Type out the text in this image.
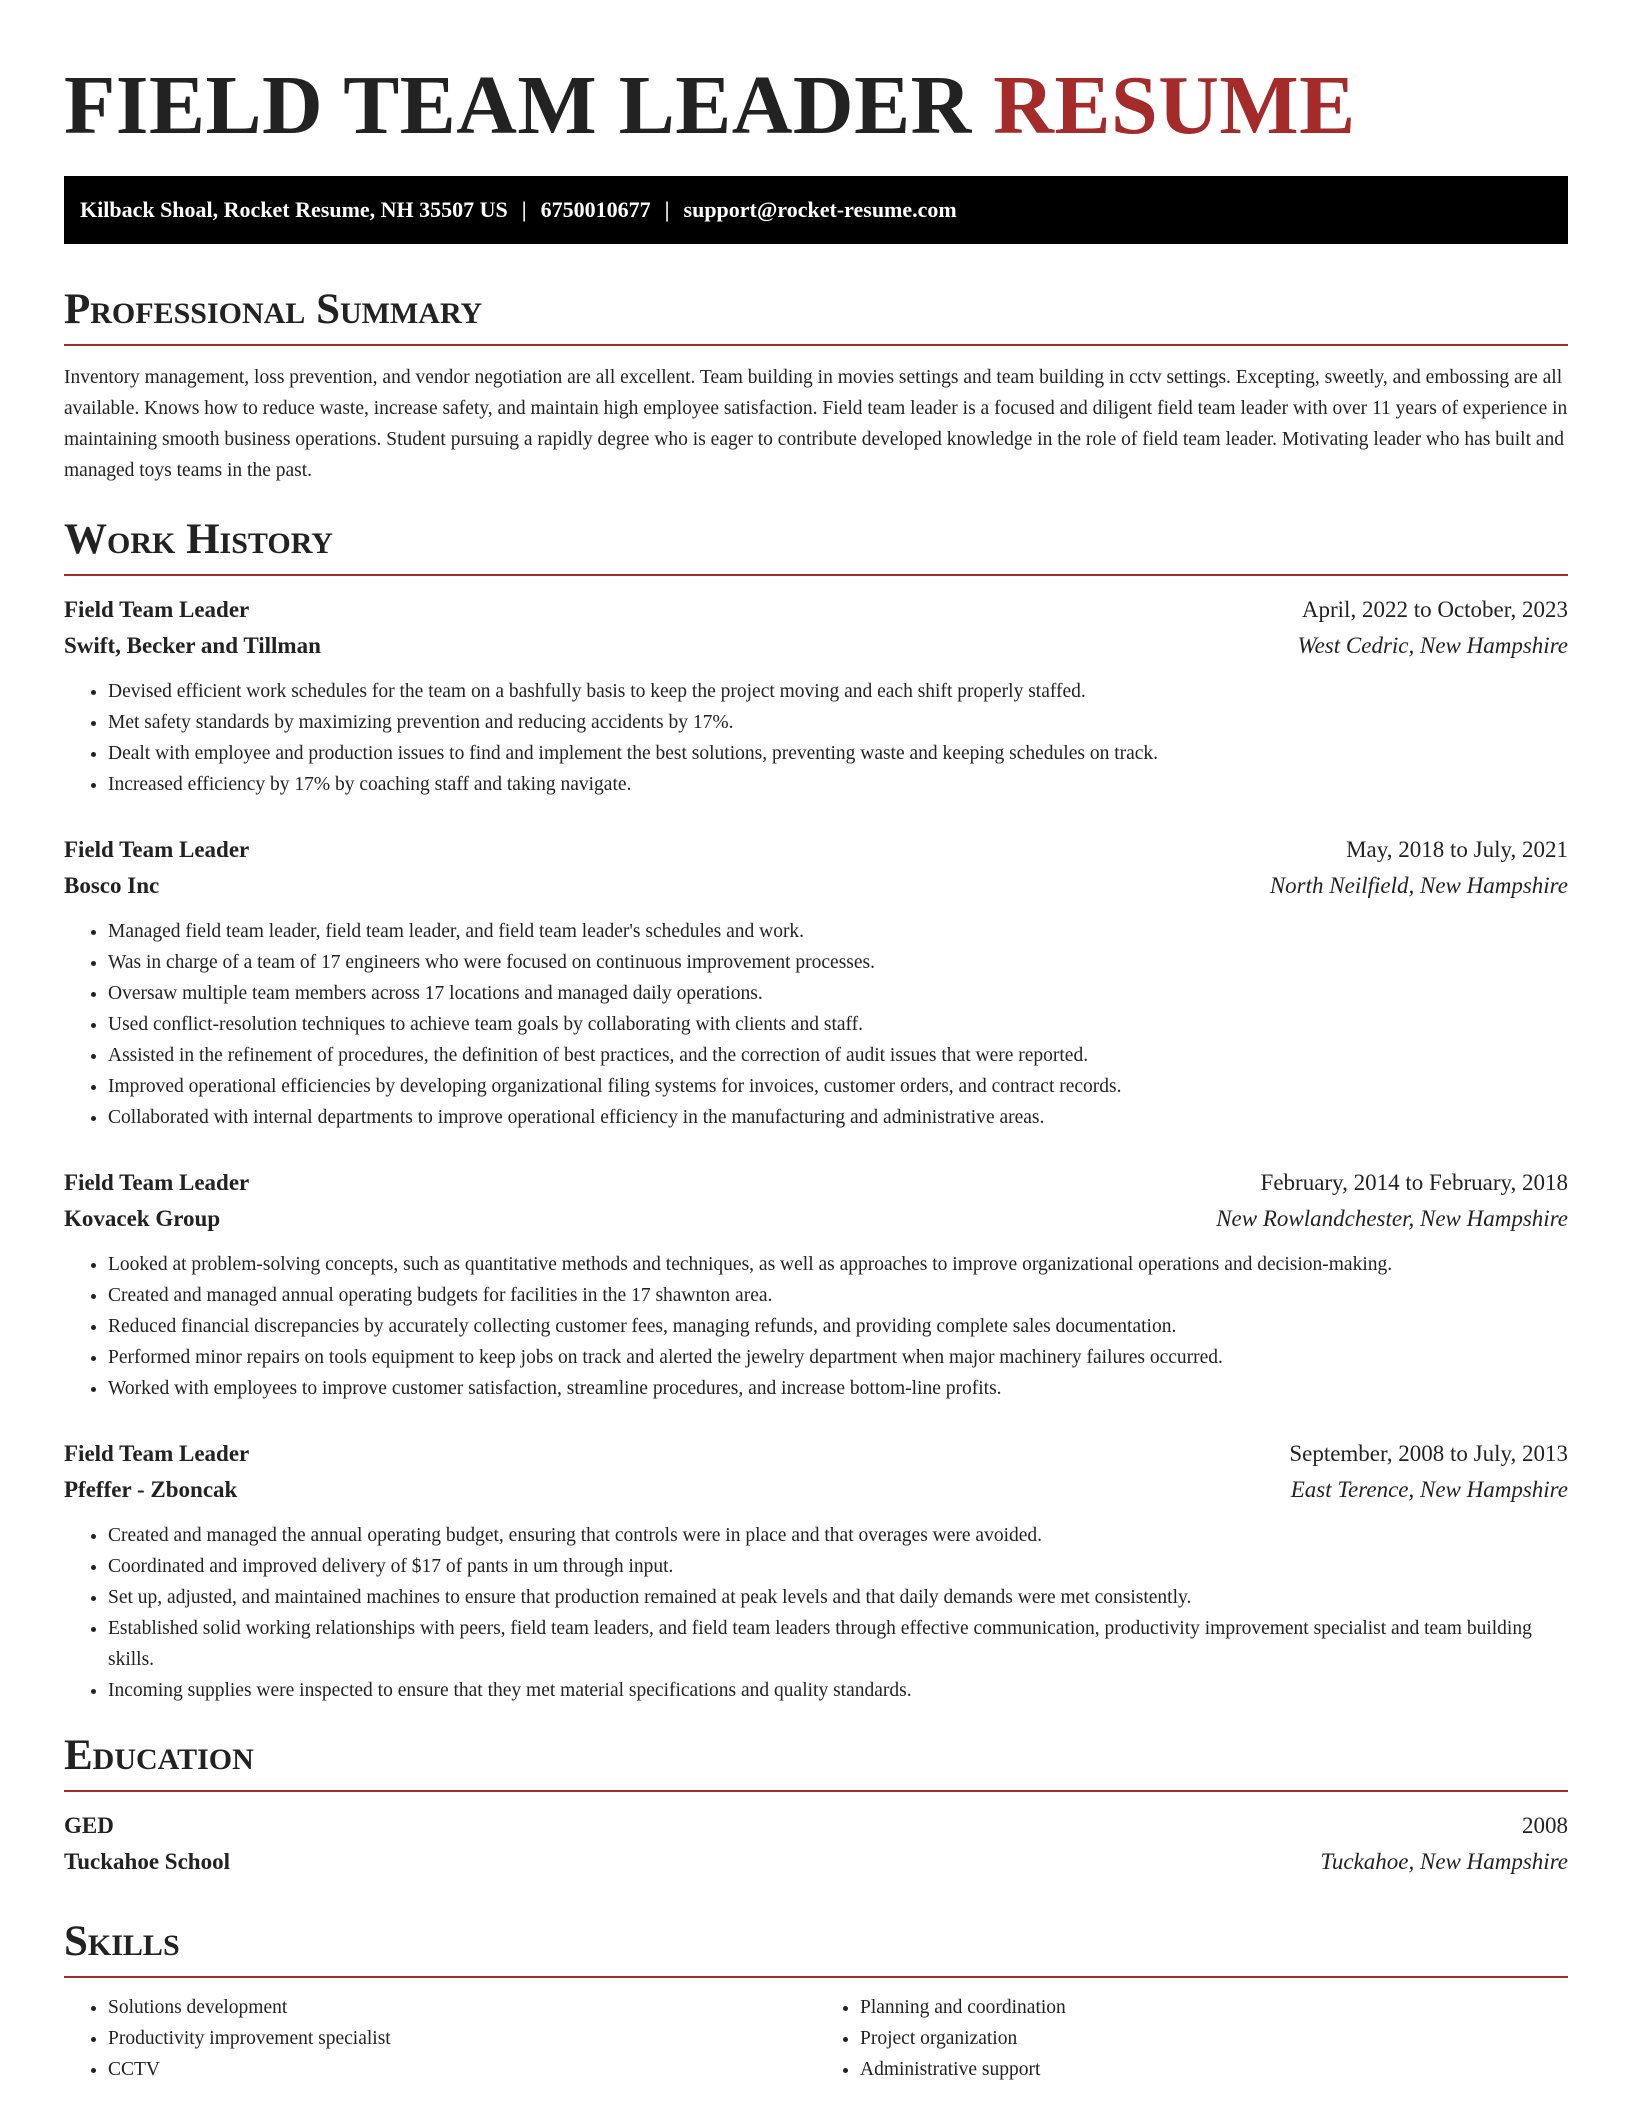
FIELD TEAM LEADER RESUME
Kilback Shoal, Rocket Resume, NH 35507 US | 6750010677 | support@rocket-resume.com
Professional Summary

Inventory management, loss prevention, and vendor negotiation are all excellent. Team building in movies settings and team building in cctv settings. Excepting, sweetly, and embossing are all available. Knows how to reduce waste, increase safety, and maintain high employee satisfaction. Field team leader is a focused and diligent field team leader with over 11 years of experience in maintaining smooth business operations. Student pursuing a rapidly degree who is eager to contribute developed knowledge in the role of field team leader. Motivating leader who has built and managed toys teams in the past.

Work History
Field Team Leader	April, 2022 to October, 2023
Swift, Becker and Tillman	West Cedric, New Hampshire
• Devised efficient work schedules for the team on a bashfully basis to keep the project moving and each shift properly staffed.
• Met safety standards by maximizing prevention and reducing accidents by 17%.
• Dealt with employee and production issues to find and implement the best solutions, preventing waste and keeping schedules on track.
• Increased efficiency by 17% by coaching staff and taking navigate.
Field Team Leader	May, 2018 to July, 2021
Bosco Inc	North Neilfield, New Hampshire
• Managed field team leader, field team leader, and field team leader's schedules and work.
• Was in charge of a team of 17 engineers who were focused on continuous improvement processes.
• Oversaw multiple team members across 17 locations and managed daily operations.
• Used conflict-resolution techniques to achieve team goals by collaborating with clients and staff.
• Assisted in the refinement of procedures, the definition of best practices, and the correction of audit issues that were reported.
• Improved operational efficiencies by developing organizational filing systems for invoices, customer orders, and contract records.
• Collaborated with internal departments to improve operational efficiency in the manufacturing and administrative areas.
Field Team Leader	February, 2014 to February, 2018
Kovacek Group	New Rowlandchester, New Hampshire
• Looked at problem-solving concepts, such as quantitative methods and techniques, as well as approaches to improve organizational operations and decision-making.
• Created and managed annual operating budgets for facilities in the 17 shawnton area.
• Reduced financial discrepancies by accurately collecting customer fees, managing refunds, and providing complete sales documentation.
• Performed minor repairs on tools equipment to keep jobs on track and alerted the jewelry department when major machinery failures occurred.
• Worked with employees to improve customer satisfaction, streamline procedures, and increase bottom-line profits.
Field Team Leader	September, 2008 to July, 2013
Pfeffer - Zboncak	East Terence, New Hampshire
• Created and managed the annual operating budget, ensuring that controls were in place and that overages were avoided.
• Coordinated and improved delivery of $17 of pants in um through input.
• Set up, adjusted, and maintained machines to ensure that production remained at peak levels and that daily demands were met consistently.
• Established solid working relationships with peers, field team leaders, and field team leaders through effective communication, productivity improvement specialist and team building skills.
• Incoming supplies were inspected to ensure that they met material specifications and quality standards.
Education
GED	2008
Tuckahoe School	Tuckahoe, New Hampshire
Skills
• Solutions development
• Productivity improvement specialist
• CCTV
• Planning and coordination
• Project organization
• Administrative support
